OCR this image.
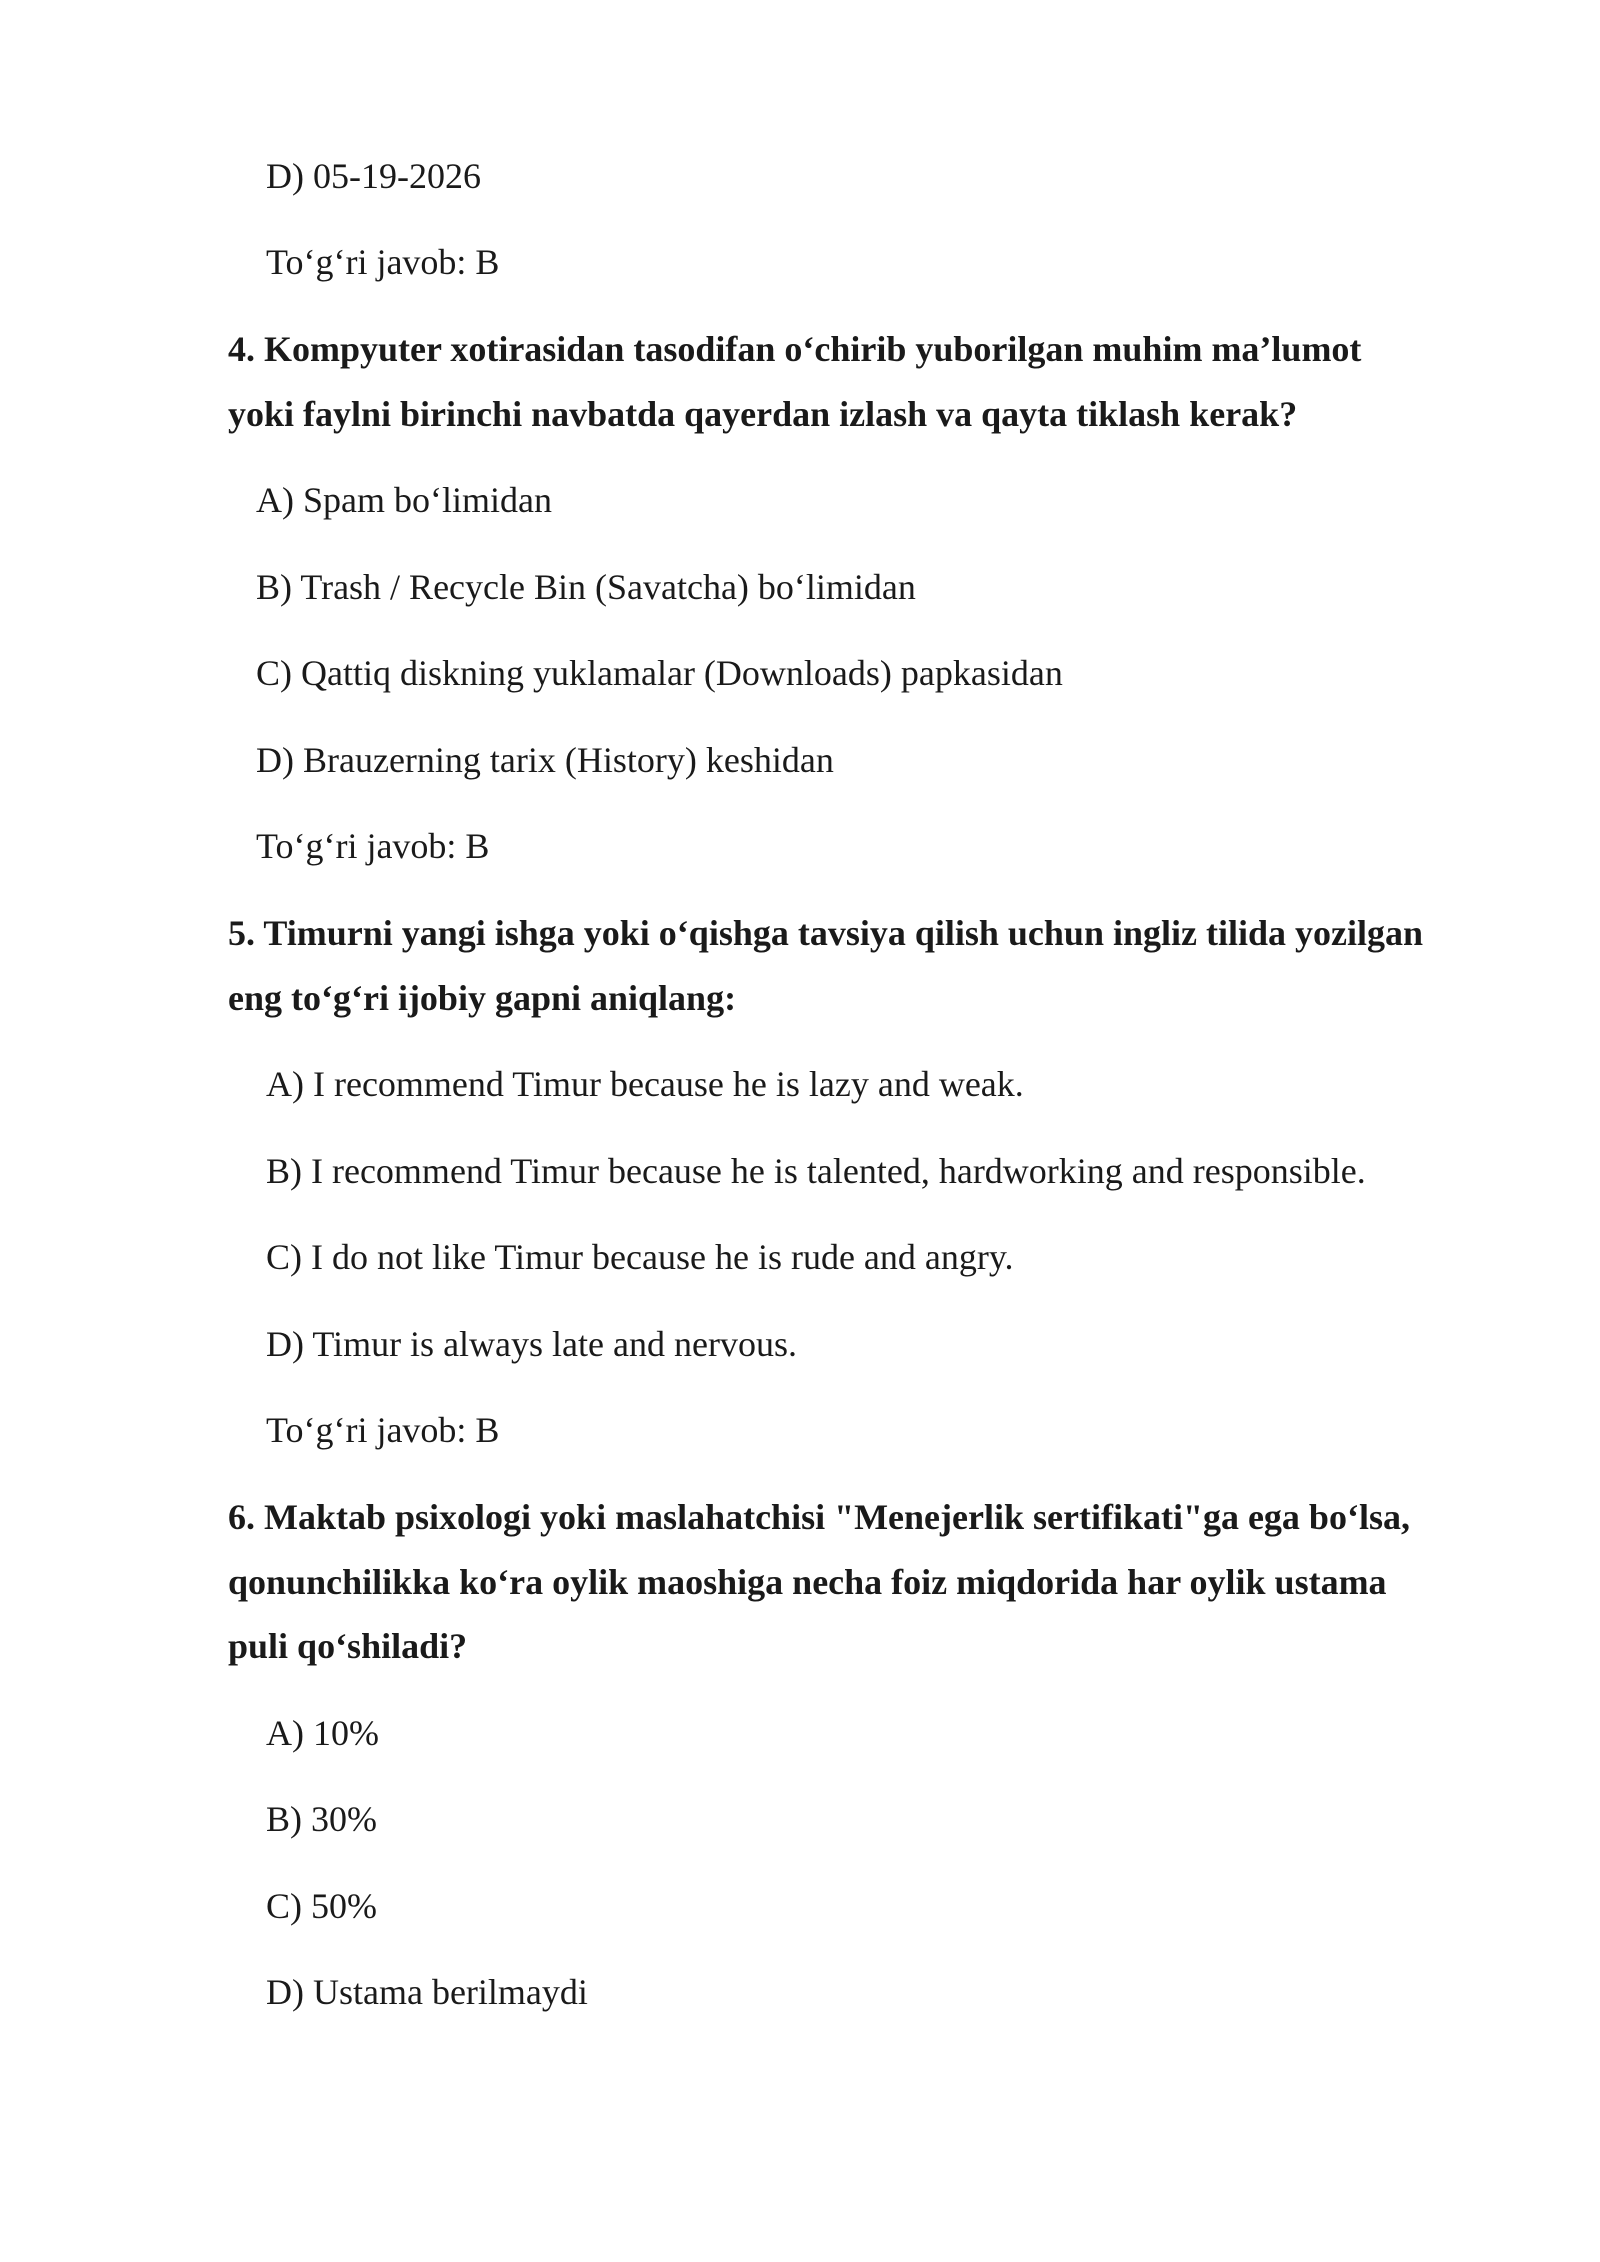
D) 05-19-2026
To‘g‘ri javob: B
4. Kompyuter xotirasidan tasodifan o‘chirib yuborilgan muhim ma’lumot
yoki faylni birinchi navbatda qayerdan izlash va qayta tiklash kerak?
A) Spam bo‘limidan
B) Trash / Recycle Bin (Savatcha) bo‘limidan
C) Qattiq diskning yuklamalar (Downloads) papkasidan
D) Brauzerning tarix (History) keshidan
To‘g‘ri javob: B
5. Timurni yangi ishga yoki o‘qishga tavsiya qilish uchun ingliz tilida yozilgan
eng to‘g‘ri ijobiy gapni aniqlang:
A) I recommend Timur because he is lazy and weak.
B) I recommend Timur because he is talented, hardworking and responsible.
C) I do not like Timur because he is rude and angry.
D) Timur is always late and nervous.
To‘g‘ri javob: B
6. Maktab psixologi yoki maslahatchisi "Menejerlik sertifikati"ga ega bo‘lsa,
qonunchilikka ko‘ra oylik maoshiga necha foiz miqdorida har oylik ustama
puli qo‘shiladi?
A) 10%
B) 30%
C) 50%
D) Ustama berilmaydi
